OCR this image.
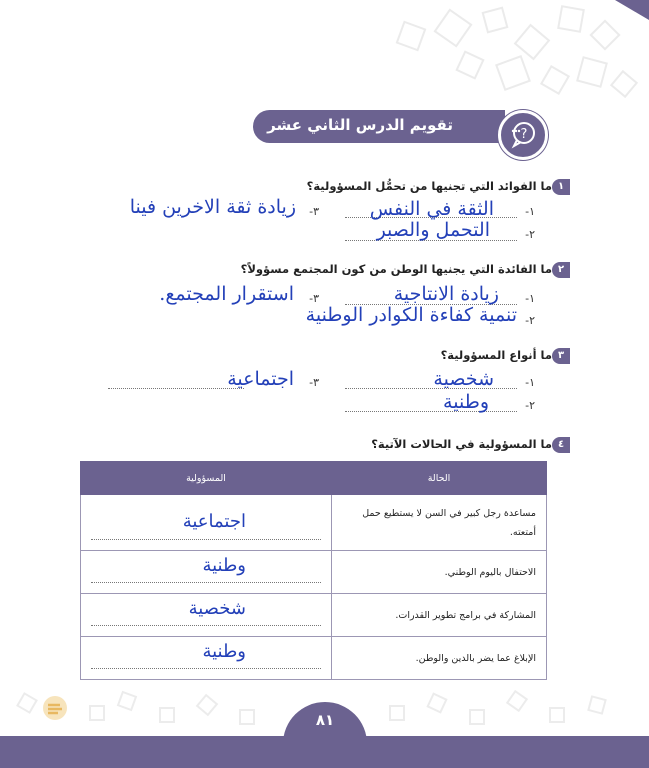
تقويم الدرس الثاني عشر
?
١
ما الفوائد التي تجنيها من تحمُّل المسؤولية؟
١-
الثقة في النفس
٢-
التحمل والصبر
٣-
زيادة ثقة الاخرين فينا
٢
ما الفائدة التي يجنيها الوطن من كون المجتمع مسؤولاً؟
١-
زيادة الانتاجية
٢-
تنمية كفاءة الكوادر الوطنية
٣-
استقرار المجتمع.
٣
ما أنواع المسؤولية؟
١-
شخصية
٢-
وطنية
٣-
اجتماعية
٤
ما المسؤولية في الحالات الآتية؟
الحالة	المسؤولية
مساعدة رجل كبير في السن لا يستطيع حمل أمتعته.	اجتماعية

الاحتفال باليوم الوطني.	وطنية

المشاركة في برامج تطوير القدرات.	شخصية

الإبلاغ عما يضر بالدين والوطن.	وطنية
٨١
